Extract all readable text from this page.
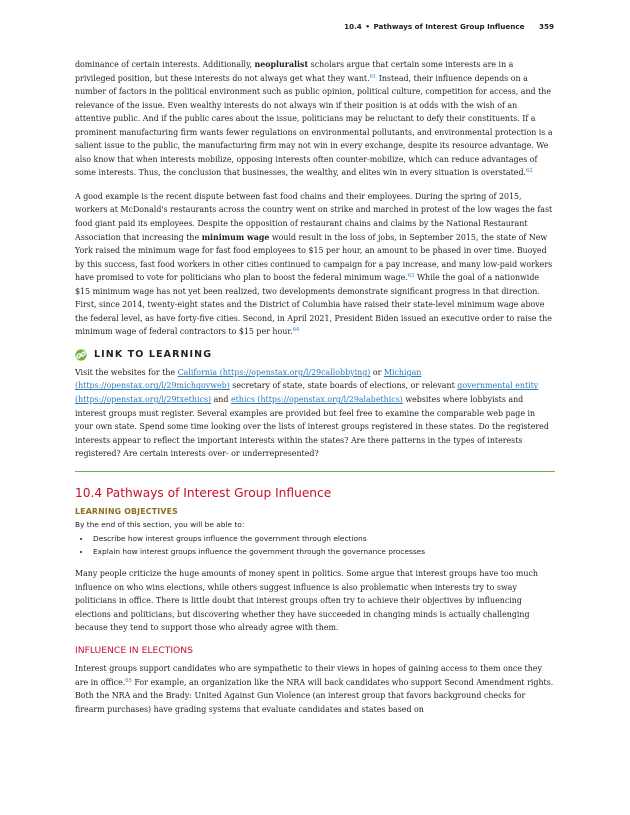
10.4 • Pathways of Interest Group Influence 359

dominance of certain interests. Additionally, neopluralist scholars argue that certain some interests are in a privileged position, but these interests do not always get what they want.$^{61}$ Instead, their influence depends on a number of factors in the political environment such as public opinion, political culture, competition for access, and the relevance of the issue. Even wealthy interests do not always win if their position is at odds with the wish of an attentive public. And if the public cares about the issue, politicians may be reluctant to defy their constituents. If a prominent manufacturing firm wants fewer regulations on environmental pollutants, and environmental protection is a salient issue to the public, the manufacturing firm may not win in every exchange, despite its resource advantage. We also know that when interests mobilize, opposing interests often counter-mobilize, which can reduce advantages of some interests. Thus, the conclusion that businesses, the wealthy, and elites win in every situation is overstated.$^{62}$

A good example is the recent dispute between fast food chains and their employees. During the spring of 2015, workers at McDonald's restaurants across the country went on strike and marched in protest of the low wages the fast food giant paid its employees. Despite the opposition of restaurant chains and claims by the National Restaurant Association that increasing the minimum wage would result in the loss of jobs, in September 2015, the state of New York raised the minimum wage for fast food employees to $15 per hour, an amount to be phased in over time. Buoyed by this success, fast food workers in other cities continued to campaign for a pay increase, and many low-paid workers have promised to vote for politicians who plan to boost the federal minimum wage.$^{63}$ While the goal of a nationwide $15 minimum wage has not yet been realized, two developments demonstrate significant progress in that direction. First, since 2014, twenty-eight states and the District of Columbia have raised their state-level minimum wage above the federal level, as have forty-five cities. Second, in April 2021, President Biden issued an executive order to raise the minimum wage of federal contractors to $15 per hour.$^{64}$

LINK TO LEARNING

Visit the websites for the California (https://openstax.org/l/29callobbying) or Michigan (https://openstax.org/l/29michgovweb) secretary of state, state boards of elections, or relevant governmental entity (https://openstax.org/l/29txethics) and ethics (https://openstax.org/l/29alabethics) websites where lobbyists and interest groups must register. Several examples are provided but feel free to examine the comparable web page in your own state. Spend some time looking over the lists of interest groups registered in these states. Do the registered interests appear to reflect the important interests within the states? Are there patterns in the types of interests registered? Are certain interests over- or underrepresented?

10.4 Pathways of Interest Group Influence
LEARNING OBJECTIVES

By the end of this section, you will be able to:

• Describe how interest groups influence the government through elections
• Explain how interest groups influence the government through the governance processes

Many people criticize the huge amounts of money spent in politics. Some argue that interest groups have too much influence on who wins elections, while others suggest influence is also problematic when interests try to sway politicians in office. There is little doubt that interest groups often try to achieve their objectives by influencing elections and politicians, but discovering whether they have succeeded in changing minds is actually challenging because they tend to support those who already agree with them.

INFLUENCE IN ELECTIONS

Interest groups support candidates who are sympathetic to their views in hopes of gaining access to them once they are in office.$^{65}$ For example, an organization like the NRA will back candidates who support Second Amendment rights. Both the NRA and the Brady: United Against Gun Violence (an interest group that favors background checks for firearm purchases) have grading systems that evaluate candidates and states based on
